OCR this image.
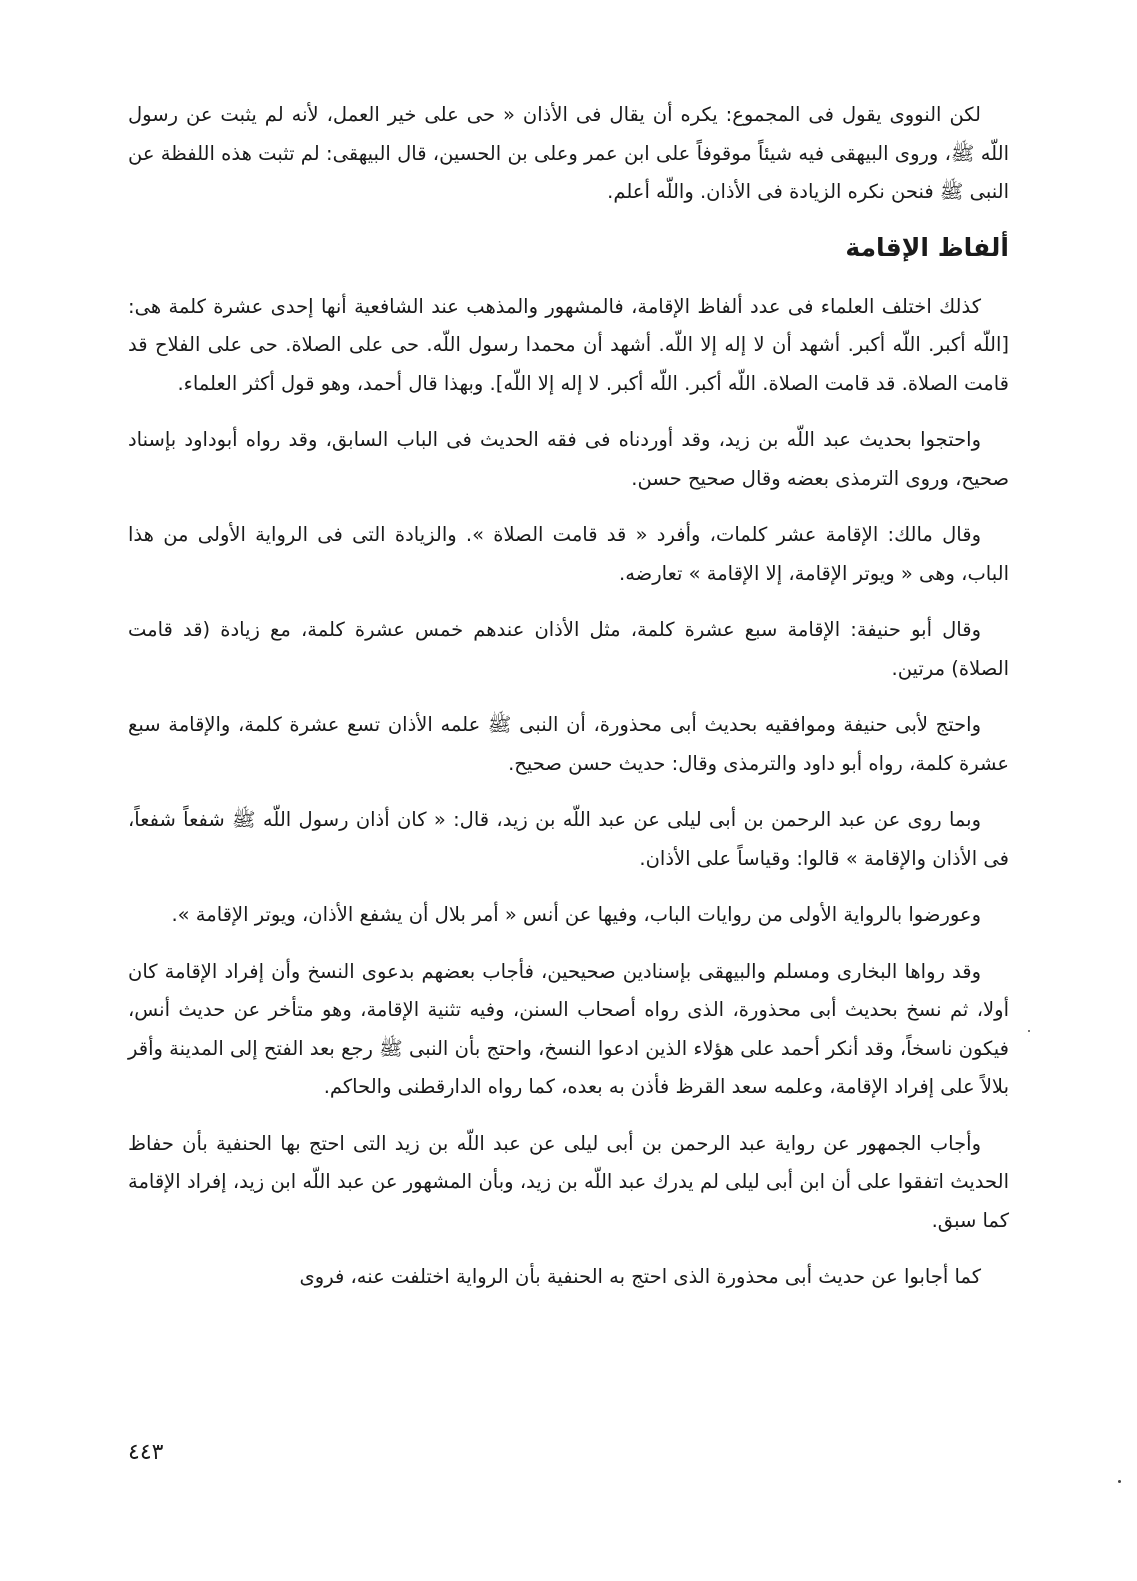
لكن النووى يقول فى المجموع: يكره أن يقال فى الأذان « حى على خير العمل، لأنه لم يثبت عن رسول اللّه ﷺ، وروى البيهقى فيه شيئاً موقوفاً على ابن عمر وعلى بن الحسين، قال البيهقى: لم تثبت هذه اللفظة عن النبى ﷺ فنحن نكره الزيادة فى الأذان. واللّه أعلم.

ألفاظ الإقامة

كذلك اختلف العلماء فى عدد ألفاظ الإقامة، فالمشهور والمذهب عند الشافعية أنها إحدى عشرة كلمة هى: [اللّه أكبر. اللّه أكبر. أشهد أن لا إله إلا اللّه. أشهد أن محمدا رسول اللّه. حى على الصلاة. حى على الفلاح قد قامت الصلاة. قد قامت الصلاة. اللّه أكبر. اللّه أكبر. لا إله إلا اللّه]. وبهذا قال أحمد، وهو قول أكثر العلماء.

واحتجوا بحديث عبد اللّه بن زيد، وقد أوردناه فى فقه الحديث فى الباب السابق، وقد رواه أبوداود بإسناد صحيح، وروى الترمذى بعضه وقال صحيح حسن.

وقال مالك: الإقامة عشر كلمات، وأفرد « قد قامت الصلاة ». والزيادة التى فى الرواية الأولى من هذا الباب، وهى « ويوتر الإقامة، إلا الإقامة » تعارضه.

وقال أبو حنيفة: الإقامة سبع عشرة كلمة، مثل الأذان عندهم خمس عشرة كلمة، مع زيادة (قد قامت الصلاة) مرتين.

واحتج لأبى حنيفة وموافقيه بحديث أبى محذورة، أن النبى ﷺ علمه الأذان تسع عشرة كلمة، والإقامة سبع عشرة كلمة، رواه أبو داود والترمذى وقال: حديث حسن صحيح.

وبما روى عن عبد الرحمن بن أبى ليلى عن عبد اللّه بن زيد، قال: « كان أذان رسول اللّه ﷺ شفعاً شفعاً، فى الأذان والإقامة » قالوا: وقياساً على الأذان.

وعورضوا بالرواية الأولى من روايات الباب، وفيها عن أنس « أمر بلال أن يشفع الأذان، ويوتر الإقامة ».

وقد رواها البخارى ومسلم والبيهقى بإسنادين صحيحين، فأجاب بعضهم بدعوى النسخ وأن إفراد الإقامة كان أولا، ثم نسخ بحديث أبى محذورة، الذى رواه أصحاب السنن، وفيه تثنية الإقامة، وهو متأخر عن حديث أنس، فيكون ناسخاً، وقد أنكر أحمد على هؤلاء الذين ادعوا النسخ، واحتج بأن النبى ﷺ رجع بعد الفتح إلى المدينة وأقر بلالاً على إفراد الإقامة، وعلمه سعد القرظ فأذن به بعده، كما رواه الدارقطنى والحاكم.

وأجاب الجمهور عن رواية عبد الرحمن بن أبى ليلى عن عبد اللّه بن زيد التى احتج بها الحنفية بأن حفاظ الحديث اتفقوا على أن ابن أبى ليلى لم يدرك عبد اللّه بن زيد، وبأن المشهور عن عبد اللّه ابن زيد، إفراد الإقامة كما سبق.

كما أجابوا عن حديث أبى محذورة الذى احتج به الحنفية بأن الرواية اختلفت عنه، فروى

٤٤٣
